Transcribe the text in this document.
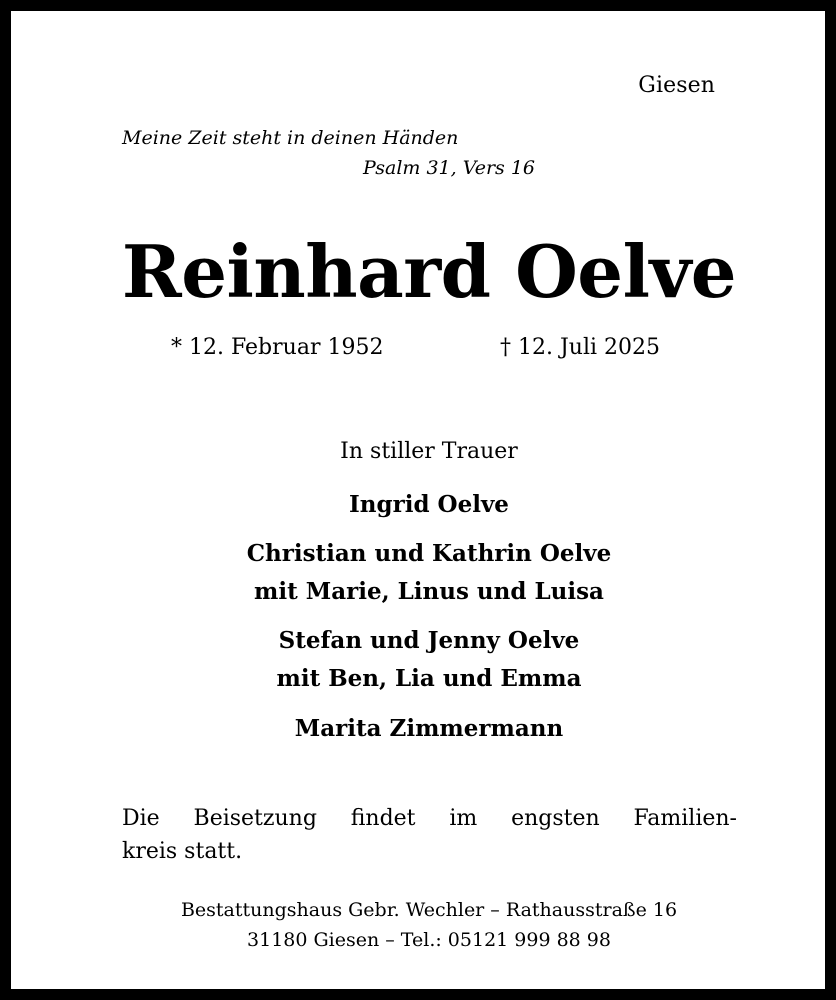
Giesen
Meine Zeit steht in deinen Händen
Psalm 31, Vers 16
Reinhard Oelve
* 12. Februar 1952	† 12. Juli 2025
In stiller Trauer
Ingrid Oelve
Christian und Kathrin Oelve
mit Marie, Linus und Luisa
Stefan und Jenny Oelve
mit Ben, Lia und Emma
Marita Zimmermann
Die Beisetzung findet im engsten Familien-
kreis statt.
Bestattungshaus Gebr. Wechler – Rathausstraße 16
31180 Giesen – Tel.: 05121 999 88 98
